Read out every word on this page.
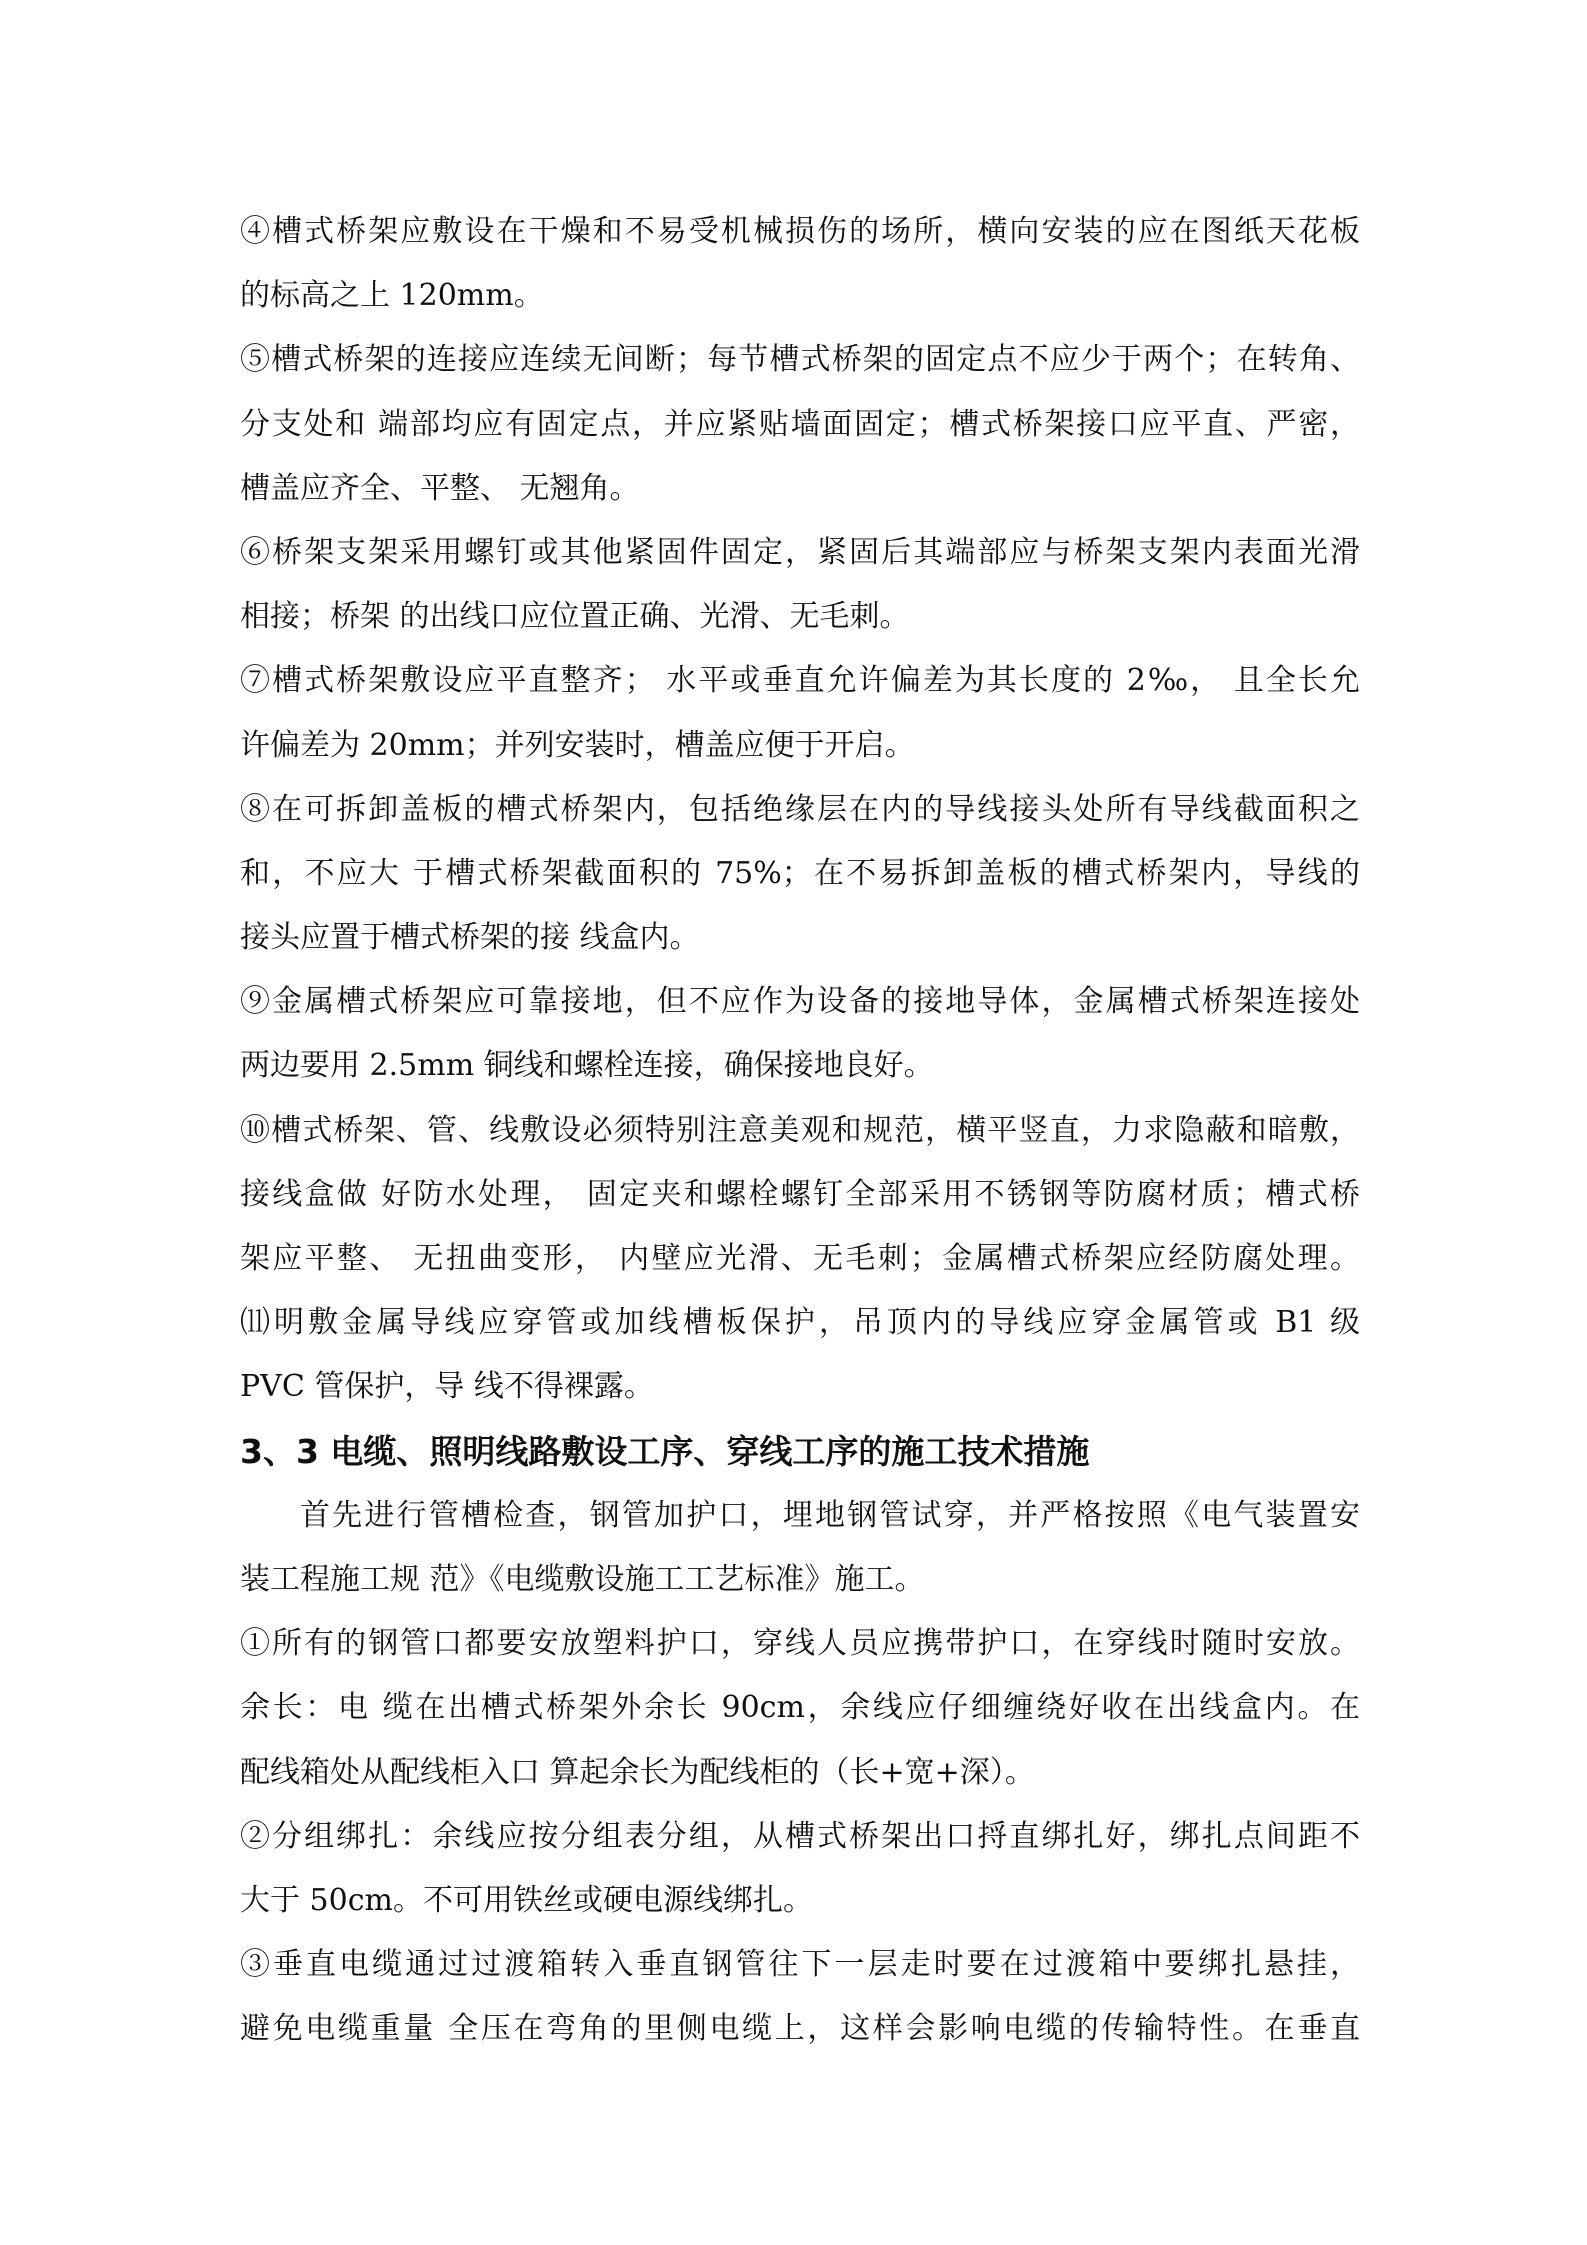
④槽式桥架应敷设在干燥和不易受机械损伤的场所，横向安装的应在图纸天花板
的标高之上 120mm。
⑤槽式桥架的连接应连续无间断；每节槽式桥架的固定点不应少于两个；在转角、
分支处和 端部均应有固定点，并应紧贴墙面固定；槽式桥架接口应平直、严密，
槽盖应齐全、平整、 无翘角。
⑥桥架支架采用螺钉或其他紧固件固定，紧固后其端部应与桥架支架内表面光滑
相接；桥架 的出线口应位置正确、光滑、无毛刺。
⑦槽式桥架敷设应平直整齐； 水平或垂直允许偏差为其长度的 2‰， 且全长允
许偏差为 20mm；并列安装时，槽盖应便于开启。
⑧在可拆卸盖板的槽式桥架内，包括绝缘层在内的导线接头处所有导线截面积之
和，不应大 于槽式桥架截面积的 75%；在不易拆卸盖板的槽式桥架内，导线的
接头应置于槽式桥架的接 线盒内。
⑨金属槽式桥架应可靠接地，但不应作为设备的接地导体，金属槽式桥架连接处
两边要用 2.5mm 铜线和螺栓连接，确保接地良好。
⑩槽式桥架、管、线敷设必须特别注意美观和规范，横平竖直，力求隐蔽和暗敷，
接线盒做 好防水处理， 固定夹和螺栓螺钉全部采用不锈钢等防腐材质；槽式桥
架应平整、 无扭曲变形， 内壁应光滑、无毛刺；金属槽式桥架应经防腐处理。
⑾明敷金属导线应穿管或加线槽板保护，吊顶内的导线应穿金属管或 B1 级
PVC 管保护，导 线不得裸露。
3、3 电缆、照明线路敷设工序、穿线工序的施工技术措施
首先进行管槽检查，钢管加护口，埋地钢管试穿，并严格按照《电气装置安
装工程施工规 范》《电缆敷设施工工艺标准》施工。
①所有的钢管口都要安放塑料护口，穿线人员应携带护口，在穿线时随时安放。
余长：电 缆在出槽式桥架外余长 90cm，余线应仔细缠绕好收在出线盒内。在
配线箱处从配线柜入口 算起余长为配线柜的（长+宽+深）。
②分组绑扎：余线应按分组表分组，从槽式桥架出口捋直绑扎好，绑扎点间距不
大于 50cm。不可用铁丝或硬电源线绑扎。
③垂直电缆通过过渡箱转入垂直钢管往下一层走时要在过渡箱中要绑扎悬挂，
避免电缆重量 全压在弯角的里侧电缆上，这样会影响电缆的传输特性。在垂直
